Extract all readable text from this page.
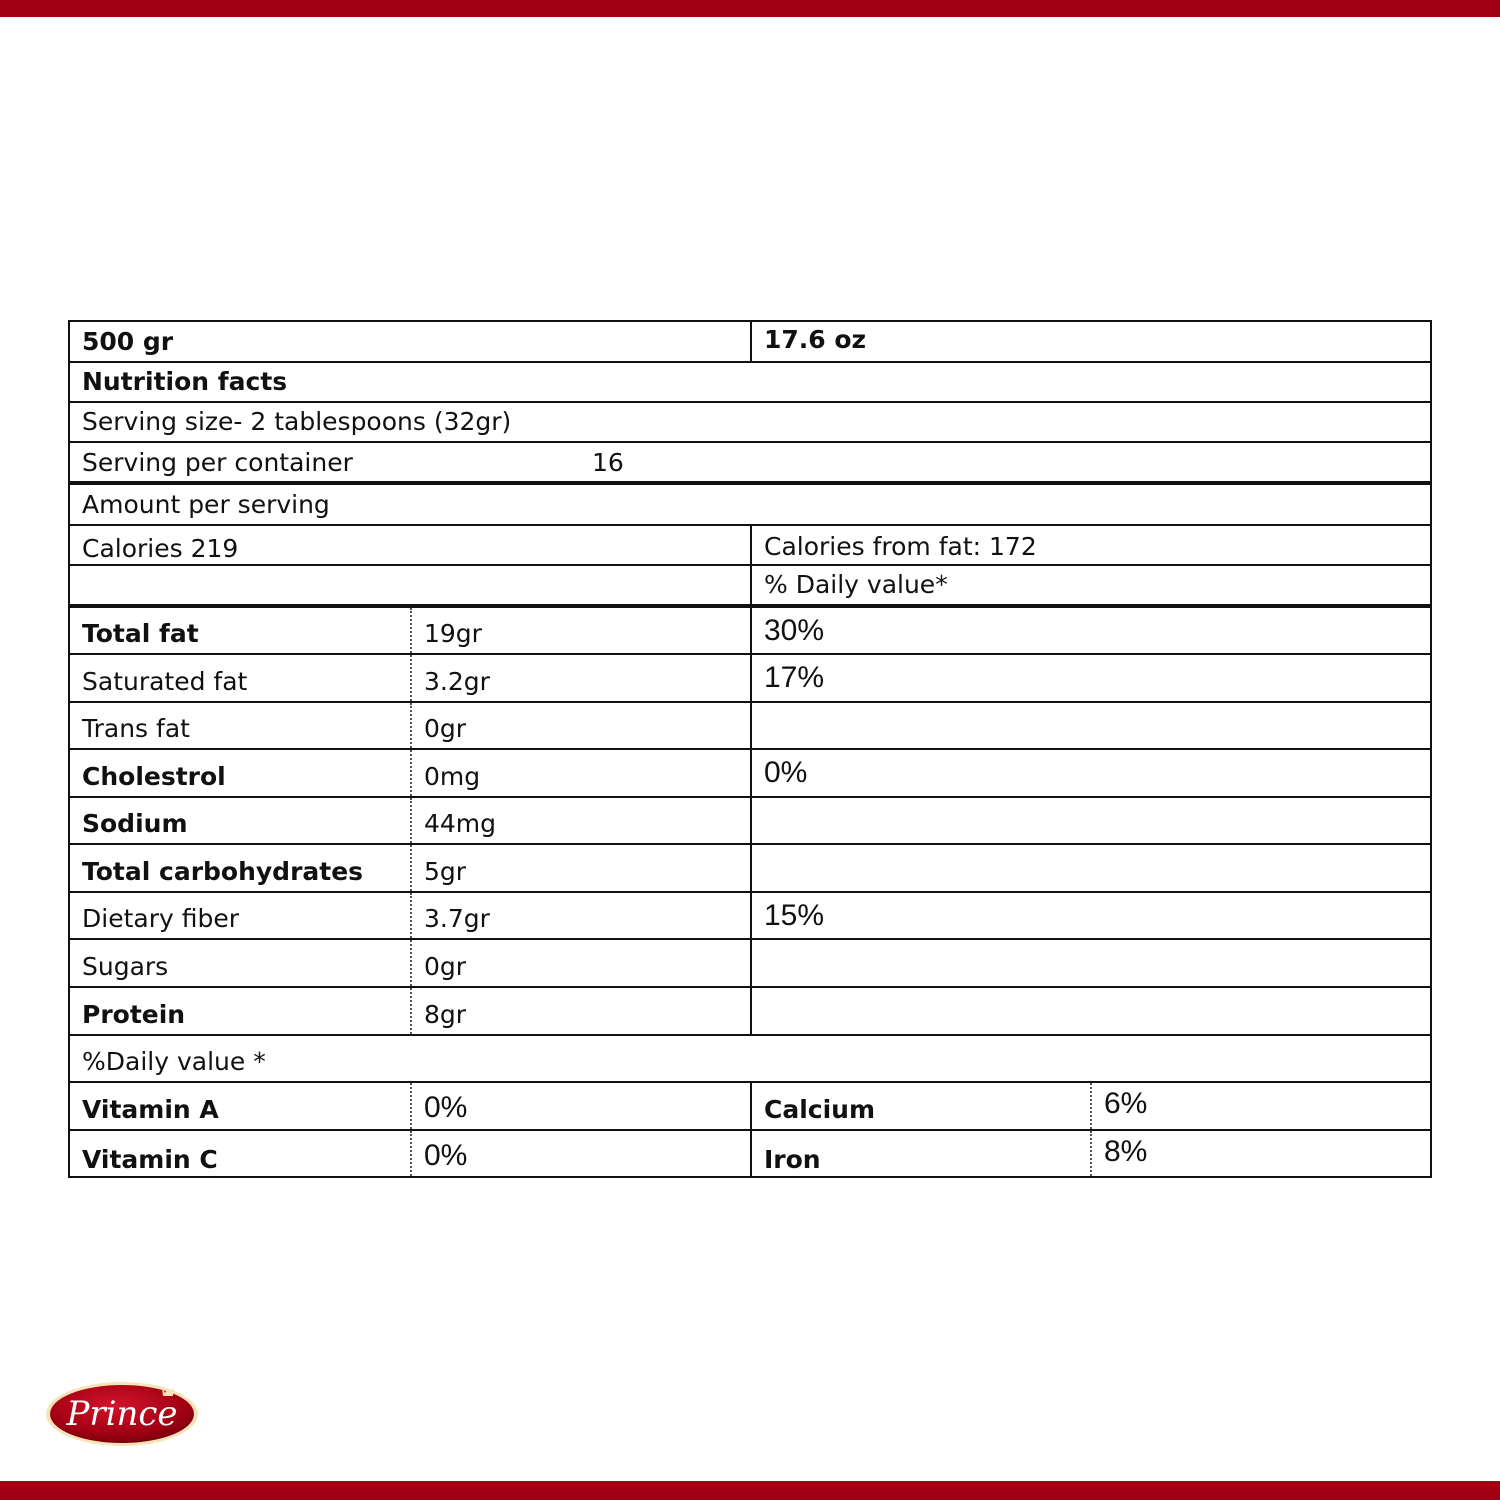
500 gr	17.6 oz
Nutrition facts
Serving size- 2 tablespoons (32gr)
Serving per container	16
Amount per serving
Calories 219	Calories from fat: 172
% Daily value*
Total fat	19gr	30%
Saturated fat	3.2gr	17%
Trans fat	0gr
Cholestrol	0mg	0%
Sodium	44mg
Total carbohydrates 5gr
Dietary fiber	3.7gr	15%
Sugars	0gr
Protein	8gr
%Daily value *
Vitamin A	0%	Calcium	6%
Vitamin C	0%	Iron	8%
Prince
